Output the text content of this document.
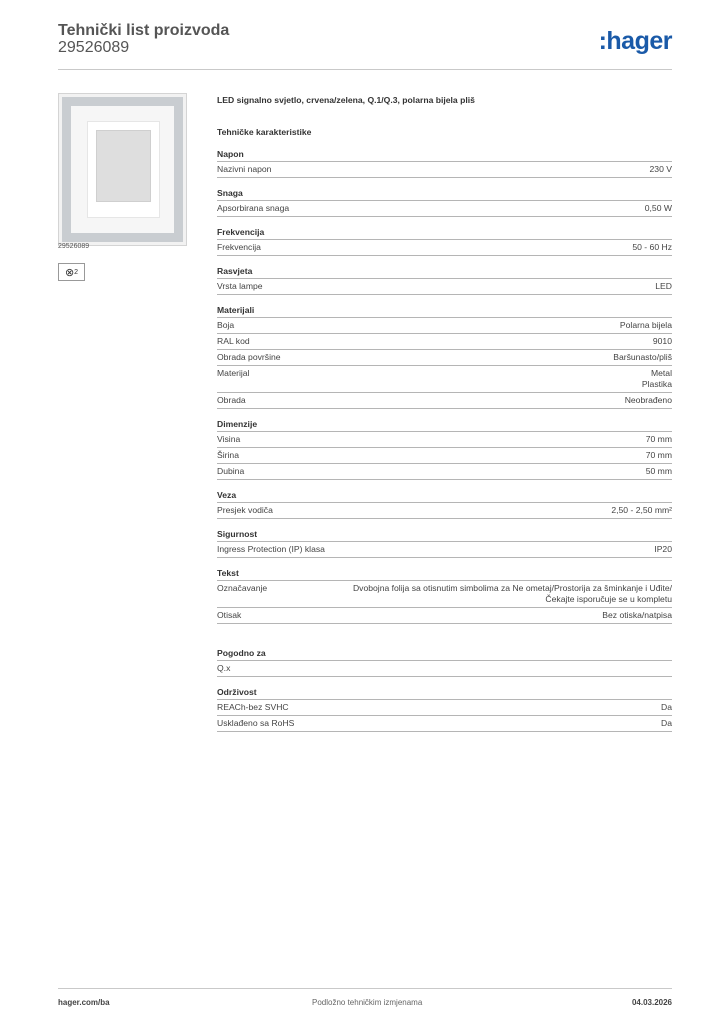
Tehnički list proizvoda
29526089	:hager
29526089
⊗ 2
LED signalno svjetlo, crvena/zelena, Q.1/Q.3, polarna bijela pliš
Tehničke karakteristike
Napon
Nazivni napon	230 V
Snaga
Apsorbirana snaga	0,50 W
Frekvencija
Frekvencija	50 - 60 Hz
Rasvjeta
Vrsta lampe	LED
Materijali
Boja	Polarna bijela
RAL kod	9010
Obrada površine	Baršunasto/pliš
Materijal	Metal
Plastika
Obrada	Neobrađeno
Dimenzije
Visina	70 mm
Širina	70 mm
Dubina	50 mm
Veza
Presjek vodiča	2,50 - 2,50 mm²
Sigurnost
Ingress Protection (IP) klasa	IP20
Tekst
Označavanje	Dvobojna folija sa otisnutim simbolima za Ne ometaj/Prostorija za šminkanje i Uđite/Čekajte isporučuje se u kompletu
Otisak	Bez otiska/natpisa
Pogodno za
Q.x
Održivost
REACh-bez SVHC	Da
Usklađeno sa RoHS	Da
hager.com/ba	Podložno tehničkim izmjenama	04.03.2026
